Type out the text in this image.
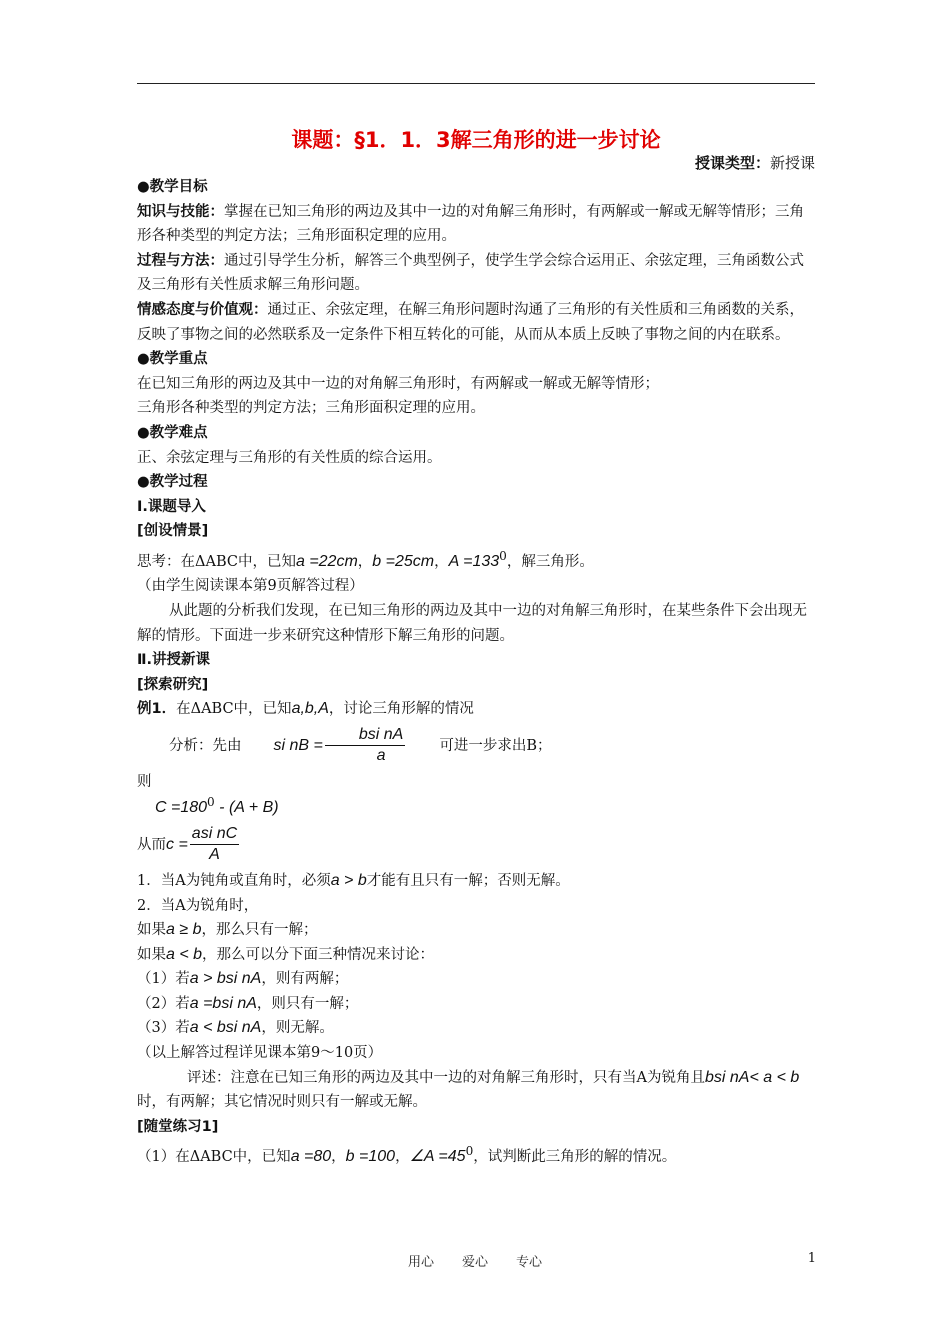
课题：§1．1．3解三角形的进一步讨论
授课类型：新授课

●教学目标

知识与技能：掌握在已知三角形的两边及其中一边的对角解三角形时，有两解或一解或无解等情形；三角形各种类型的判定方法；三角形面积定理的应用。

过程与方法：通过引导学生分析，解答三个典型例子，使学生学会综合运用正、余弦定理，三角函数公式及三角形有关性质求解三角形问题。

情感态度与价值观：通过正、余弦定理，在解三角形问题时沟通了三角形的有关性质和三角函数的关系，反映了事物之间的必然联系及一定条件下相互转化的可能，从而从本质上反映了事物之间的内在联系。

●教学重点

在已知三角形的两边及其中一边的对角解三角形时，有两解或一解或无解等情形；

三角形各种类型的判定方法；三角形面积定理的应用。

●教学难点

正、余弦定理与三角形的有关性质的综合运用。

●教学过程

Ⅰ.课题导入

[创设情景]

思考：在ΔABC中，已知a =22cm，b =25cm，$A =133^0$，解三角形。

（由学生阅读课本第9页解答过程）

从此题的分析我们发现，在已知三角形的两边及其中一边的对角解三角形时，在某些条件下会出现无解的情形。下面进一步来研究这种情形下解三角形的问题。

Ⅱ.讲授新课

[探索研究]

例1．在ΔABC中，已知a,b,A，讨论三角形解的情况

分析：先由	si nB = $\frac{\text{bsi nA}}{a}$	可进一步求出B；

则

$C =180^0 - (A + B)$

从而 $c = \frac{\text{asi nC}}{A}$

1．当A为钝角或直角时，必须a > b才能有且只有一解；否则无解。

2．当A为锐角时，

如果a ≥ b，那么只有一解；

如果a < b，那么可以分下面三种情况来讨论：

（1）若a > bsi nA，则有两解；

（2）若a =bsi nA，则只有一解；

（3）若a < bsi nA，则无解。

（以上解答过程详见课本第9～10页）

评述：注意在已知三角形的两边及其中一边的对角解三角形时，只有当A为锐角且bsi nA< a < b时，有两解；其它情况时则只有一解或无解。

[随堂练习1]

（1）在ΔABC中，已知a =80，b =100，∠A $=45^0$，试判断此三角形的解的情况。

用心 爱心 专心	1
